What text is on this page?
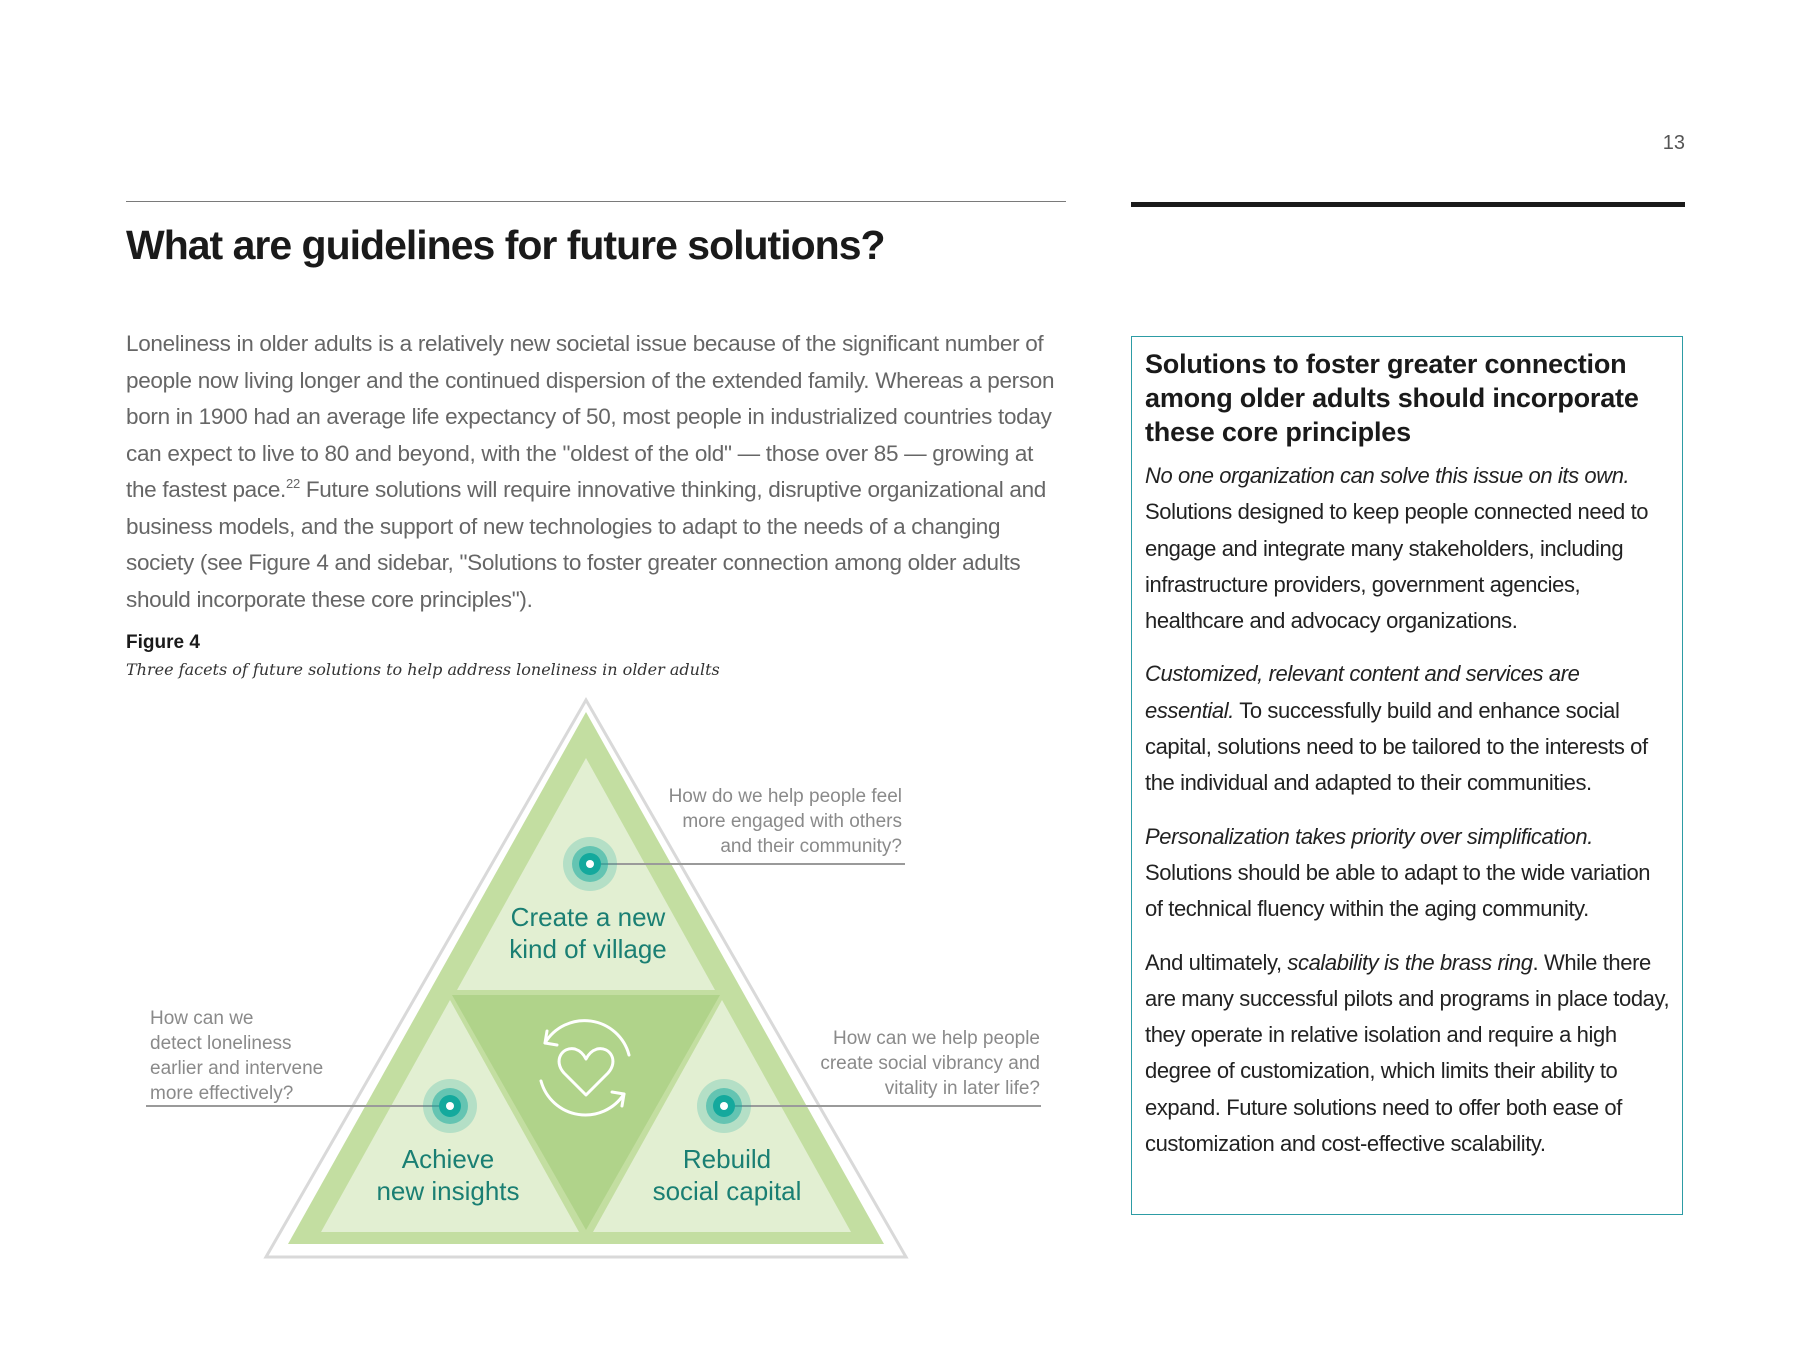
13
What are guidelines for future solutions?

Loneliness in older adults is a relatively new societal issue because of the significant number of people now living longer and the continued dispersion of the extended family. Whereas a person born in 1900 had an average life expectancy of 50, most people in industrialized countries today can expect to live to 80 and beyond, with the "oldest of the old" — those over 85 — growing at the fastest pace.$^{22}$ Future solutions will require innovative thinking, disruptive organizational and business models, and the support of new technologies to adapt to the needs of a changing society (see Figure 4 and sidebar, "Solutions to foster greater connection among older adults should incorporate these core principles").

Figure 4

Three facets of future solutions to help address loneliness in older adults

Create a new
kind of village
Achieve
new insights
Rebuild
social capital
How do we help people feel
more engaged with others
and their community?
How can we
detect loneliness
earlier and intervene
more effectively?
How can we help people
create social vibrancy and
vitality in later life?
Solutions to foster greater connection among older adults should incorporate these core principles

No one organization can solve this issue on its own. Solutions designed to keep people connected need to engage and integrate many stakeholders, including infrastructure providers, government agencies, healthcare and advocacy organizations.

Customized, relevant content and services are essential. To successfully build and enhance social capital, solutions need to be tailored to the interests of the individual and adapted to their communities.

Personalization takes priority over simplification. Solutions should be able to adapt to the wide variation of technical fluency within the aging community.

And ultimately, scalability is the brass ring. While there are many successful pilots and programs in place today, they operate in relative isolation and require a high degree of customization, which limits their ability to expand. Future solutions need to offer both ease of customization and cost-effective scalability.
